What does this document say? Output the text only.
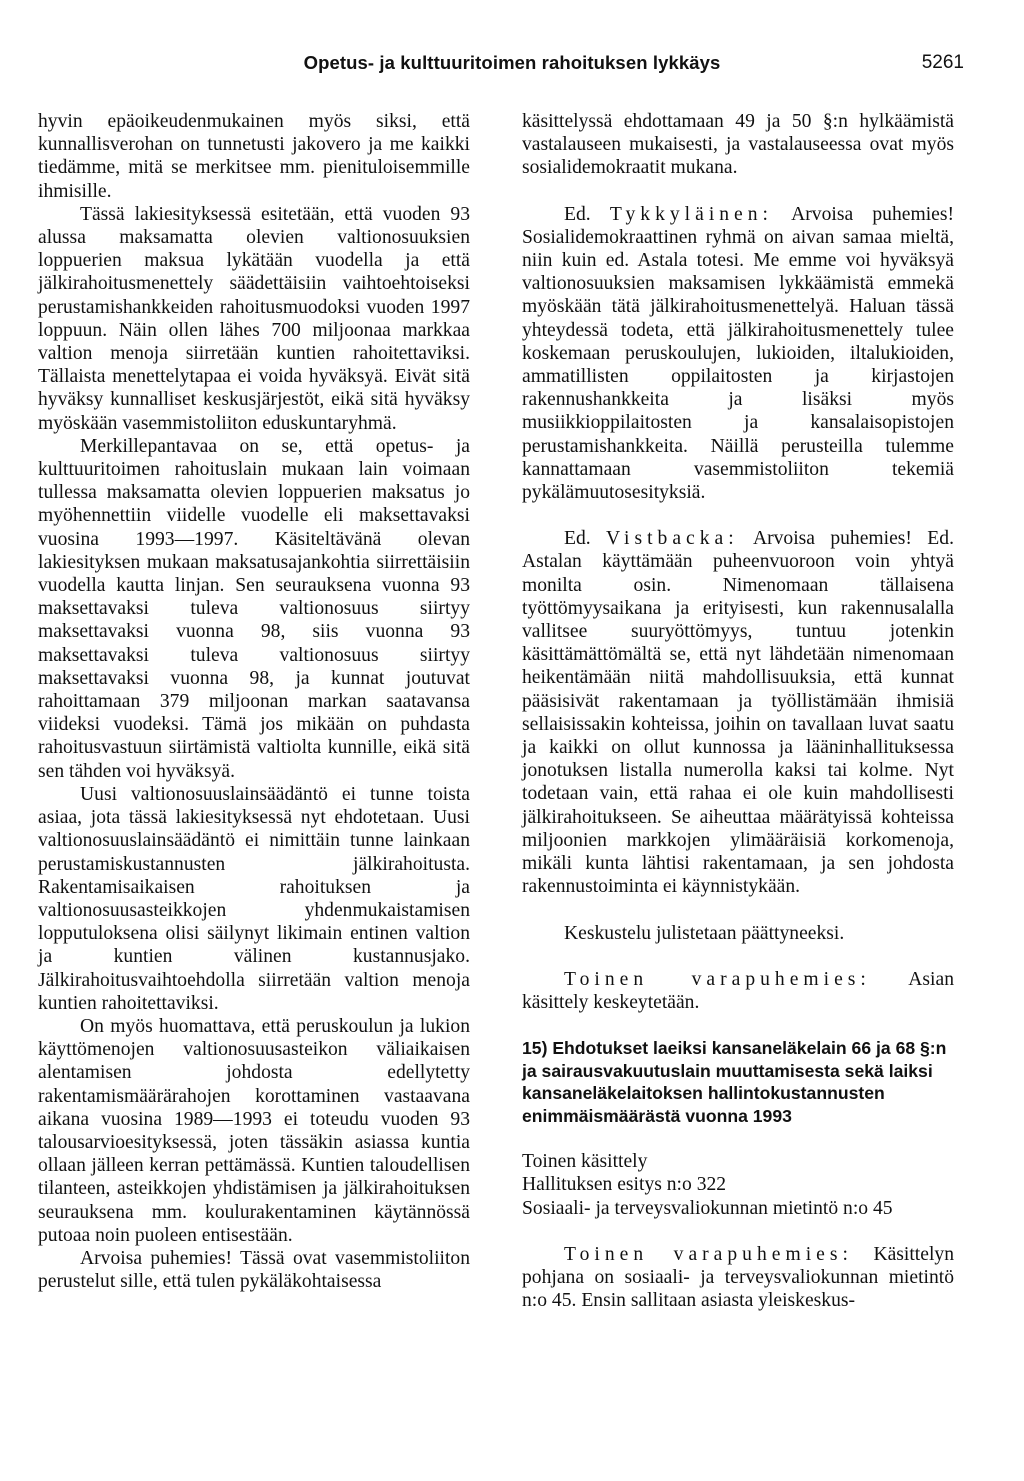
Opetus- ja kulttuuritoimen rahoituksen lykkäys	5261

hyvin epäoikeudenmukainen myös siksi, että kunnallisverohan on tunnetusti jakovero ja me kaikki tiedämme, mitä se merkitsee mm. pienituloisemmille ihmisille.

Tässä lakiesityksessä esitetään, että vuoden 93 alussa maksamatta olevien valtionosuuksien loppuerien maksua lykätään vuodella ja että jälkirahoitusmenettely säädettäisiin vaihtoehtoiseksi perustamishankkeiden rahoitusmuodoksi vuoden 1997 loppuun. Näin ollen lähes 700 miljoonaa markkaa valtion menoja siirretään kuntien rahoitettaviksi. Tällaista menettelytapaa ei voida hyväksyä. Eivät sitä hyväksy kunnalliset keskusjärjestöt, eikä sitä hyväksy myöskään vasemmistoliiton eduskuntaryhmä.

Merkillepantavaa on se, että opetus- ja kulttuuritoimen rahoituslain mukaan lain voimaan tullessa maksamatta olevien loppuerien maksatus jo myöhennettiin viidelle vuodelle eli maksettavaksi vuosina 1993—1997. Käsiteltävänä olevan lakiesityksen mukaan maksatusajankohtia siirrettäisiin vuodella kautta linjan. Sen seurauksena vuonna 93 maksettavaksi tuleva valtionosuus siirtyy maksettavaksi vuonna 98, siis vuonna 93 maksettavaksi tuleva valtionosuus siirtyy maksettavaksi vuonna 98, ja kunnat joutuvat rahoittamaan 379 miljoonan markan saatavansa viideksi vuodeksi. Tämä jos mikään on puhdasta rahoitusvastuun siirtämistä valtiolta kunnille, eikä sitä sen tähden voi hyväksyä.

Uusi valtionosuuslainsäädäntö ei tunne toista asiaa, jota tässä lakiesityksessä nyt ehdotetaan. Uusi valtionosuuslainsäädäntö ei nimittäin tunne lainkaan perustamiskustannusten jälkirahoitusta. Rakentamisaikaisen rahoituksen ja valtionosuusasteikkojen yhdenmukaistamisen lopputuloksena olisi säilynyt likimain entinen valtion ja kuntien välinen kustannusjako. Jälkirahoitusvaihtoehdolla siirretään valtion menoja kuntien rahoitettaviksi.

On myös huomattava, että peruskoulun ja lukion käyttömenojen valtionosuusasteikon väliaikaisen alentamisen johdosta edellytetty rakentamismäärärahojen korottaminen vastaavana aikana vuosina 1989—1993 ei toteudu vuoden 93 talousarvioesityksessä, joten tässäkin asiassa kuntia ollaan jälleen kerran pettämässä. Kuntien taloudellisen tilanteen, asteikkojen yhdistämisen ja jälkirahoituksen seurauksena mm. koulurakentaminen käytännössä putoaa noin puoleen entisestään.

Arvoisa puhemies! Tässä ovat vasemmistoliiton perustelut sille, että tulen pykäläkohtaisessa

käsittelyssä ehdottamaan 49 ja 50 §:n hylkäämistä vastalauseen mukaisesti, ja vastalauseessa ovat myös sosialidemokraatit mukana.

Ed. Tykkyläinen: Arvoisa puhemies! Sosialidemokraattinen ryhmä on aivan samaa mieltä, niin kuin ed. Astala totesi. Me emme voi hyväksyä valtionosuuksien maksamisen lykkäämistä emmekä myöskään tätä jälkirahoitusmenettelyä. Haluan tässä yhteydessä todeta, että jälkirahoitusmenettely tulee koskemaan peruskoulujen, lukioiden, iltalukioiden, ammatillisten oppilaitosten ja kirjastojen rakennushankkeita ja lisäksi myös musiikkioppilaitosten ja kansalaisopistojen perustamishankkeita. Näillä perusteilla tulemme kannattamaan vasemmistoliiton tekemiä pykälämuutosesityksiä.

Ed. Vistbacka: Arvoisa puhemies! Ed. Astalan käyttämään puheenvuoroon voin yhtyä monilta osin. Nimenomaan tällaisena työttömyysaikana ja erityisesti, kun rakennusalalla vallitsee suuryöttömyys, tuntuu jotenkin käsittämättömältä se, että nyt lähdetään nimenomaan heikentämään niitä mahdollisuuksia, että kunnat pääsisivät rakentamaan ja työllistämään ihmisiä sellaisissakin kohteissa, joihin on tavallaan luvat saatu ja kaikki on ollut kunnossa ja lääninhallituksessa jonotuksen listalla numerolla kaksi tai kolme. Nyt todetaan vain, että rahaa ei ole kuin mahdollisesti jälkirahoitukseen. Se aiheuttaa määrätyissä kohteissa miljoonien markkojen ylimääräisiä korkomenoja, mikäli kunta lähtisi rakentamaan, ja sen johdosta rakennustoiminta ei käynnistykään.

Keskustelu julistetaan päättyneeksi.

Toinen varapuhemies: Asian käsittely keskeytetään.

15) Ehdotukset laeiksi kansaneläkelain 66 ja 68 §:n ja sairausvakuutuslain muuttamisesta sekä laiksi kansaneläkelaitoksen hallintokustannusten enimmäismäärästä vuonna 1993

Toinen käsittely

Hallituksen esitys n:o 322

Sosiaali- ja terveysvaliokunnan mietintö n:o 45

Toinen varapuhemies: Käsittelyn pohjana on sosiaali- ja terveysvaliokunnan mietintö n:o 45. Ensin sallitaan asiasta yleiskeskus-
